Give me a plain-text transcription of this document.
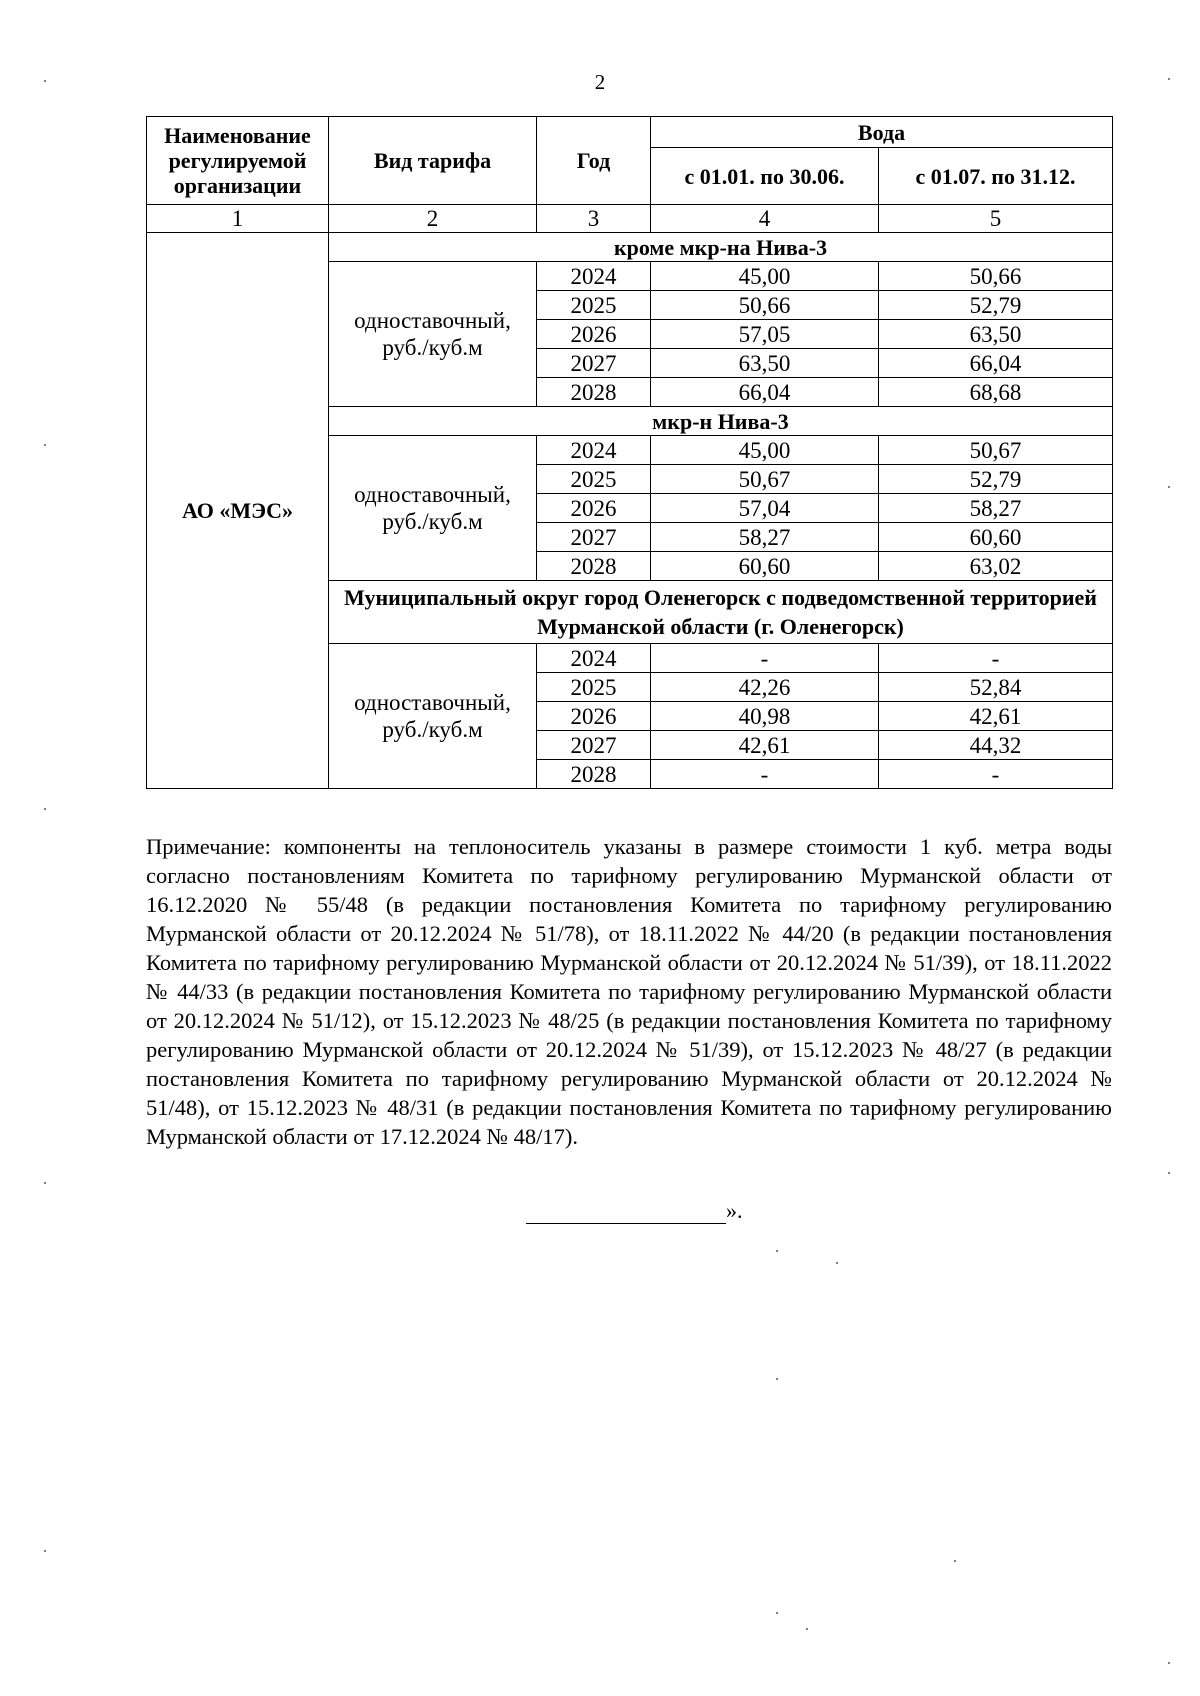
2
Наименование регулируемой организации	Вид тарифа	Год	Вода	
			с 01.01. по 30.06.	с 01.07. по 31.12.
1	2	3	4	5
АО «МЭС»	кроме мкр-на Нива-3			
	одноставочный, руб./куб.м	2024	45,00	50,66
		2025	50,66	52,79
		2026	57,05	63,50
		2027	63,50	66,04
		2028	66,04	68,68
	мкр-н Нива-3			
	одноставочный, руб./куб.м	2024	45,00	50,67
		2025	50,67	52,79
		2026	57,04	58,27
		2027	58,27	60,60
		2028	60,60	63,02
	Муниципальный округ город Оленегорск с подведомственной территорией Мурманской области (г. Оленегорск)			
	одноставочный, руб./куб.м	2024	-	-
		2025	42,26	52,84
		2026	40,98	42,61
		2027	42,61	44,32
		2028	-	-

Примечание: компоненты на теплоноситель указаны в размере стоимости 1 куб. метра воды согласно постановлениям Комитета по тарифному регулированию Мурманской области от 16.12.2020 № 55/48 (в редакции постановления Комитета по тарифному регулированию Мурманской области от 20.12.2024 № 51/78), от 18.11.2022 № 44/20 (в редакции постановления Комитета по тарифному регулированию Мурманской области от 20.12.2024 № 51/39), от 18.11.2022 № 44/33 (в редакции постановления Комитета по тарифному регулированию Мурманской области от 20.12.2024 № 51/12), от 15.12.2023 № 48/25 (в редакции постановления Комитета по тарифному регулированию Мурманской области от 20.12.2024 № 51/39), от 15.12.2023 № 48/27 (в редакции постановления Комитета по тарифному регулированию Мурманской области от 20.12.2024 № 51/48), от 15.12.2023 № 48/31 (в редакции постановления Комитета по тарифному регулированию Мурманской области от 17.12.2024 № 48/17).

».
